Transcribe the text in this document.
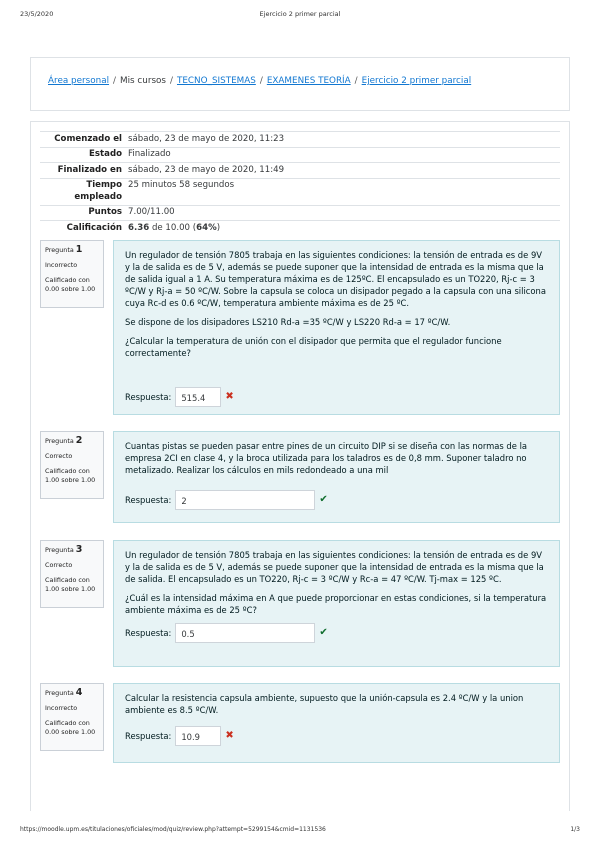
23/5/2020	Ejercicio 2 primer parcial
Área personal / Mis cursos / TECNO_SISTEMAS / EXAMENES TEORÍA / Ejercicio 2 primer parcial
Comenzado el	sábado, 23 de mayo de 2020, 11:23
Estado	Finalizado
Finalizado en	sábado, 23 de mayo de 2020, 11:49
Tiempo empleado	25 minutos 58 segundos
Puntos	7.00/11.00
Calificación	6.36 de 10.00 (64%)
Pregunta 1
Incorrecto
Calificado con 0.00 sobre 1.00

Un regulador de tensión 7805 trabaja en las siguientes condiciones: la tensión de entrada es de 9V y la de salida es de 5 V, además se puede suponer que la intensidad de entrada es la misma que la de salida igual a 1 A. Su temperatura máxima es de 125ºC. El encapsulado es un TO220, Rj-c = 3 ºC/W y Rj-a = 50 ºC/W. Sobre la capsula se coloca un disipador pegado a la capsula con una silicona cuya Rc-d es 0.6 ºC/W, temperatura ambiente máxima es de 25 ºC.

Se dispone de los disipadores LS210 Rd-a =35 ºC/W y LS220 Rd-a = 17 ºC/W.

¿Calcular la temperatura de unión con el disipador que permita que el regulador funcione correctamente?

Respuesta:	515.4	✖
Pregunta 2
Correcto
Calificado con 1.00 sobre 1.00

Cuantas pistas se pueden pasar entre pines de un circuito DIP si se diseña con las normas de la empresa 2CI en clase 4, y la broca utilizada para los taladros es de 0,8 mm. Suponer taladro no metalizado. Realizar los cálculos en mils redondeado a una mil

Respuesta:	2	✔
Pregunta 3
Correcto
Calificado con 1.00 sobre 1.00

Un regulador de tensión 7805 trabaja en las siguientes condiciones: la tensión de entrada es de 9V y la de salida es de 5 V, además se puede suponer que la intensidad de entrada es la misma que la de salida. El encapsulado es un TO220, Rj-c = 3 ºC/W y Rc-a = 47 ºC/W. Tj-max = 125 ºC.

¿Cuál es la intensidad máxima en A que puede proporcionar en estas condiciones, si la temperatura ambiente máxima es de 25 ºC?

Respuesta:	0.5	✔
Pregunta 4
Incorrecto
Calificado con 0.00 sobre 1.00

Calcular la resistencia capsula ambiente, supuesto que la unión-capsula es 2.4 ºC/W y la union ambiente es 8.5 ºC/W.

Respuesta:	10.9	✖
https://moodle.upm.es/titulaciones/oficiales/mod/quiz/review.php?attempt=5299154&cmid=1131536	1/3
